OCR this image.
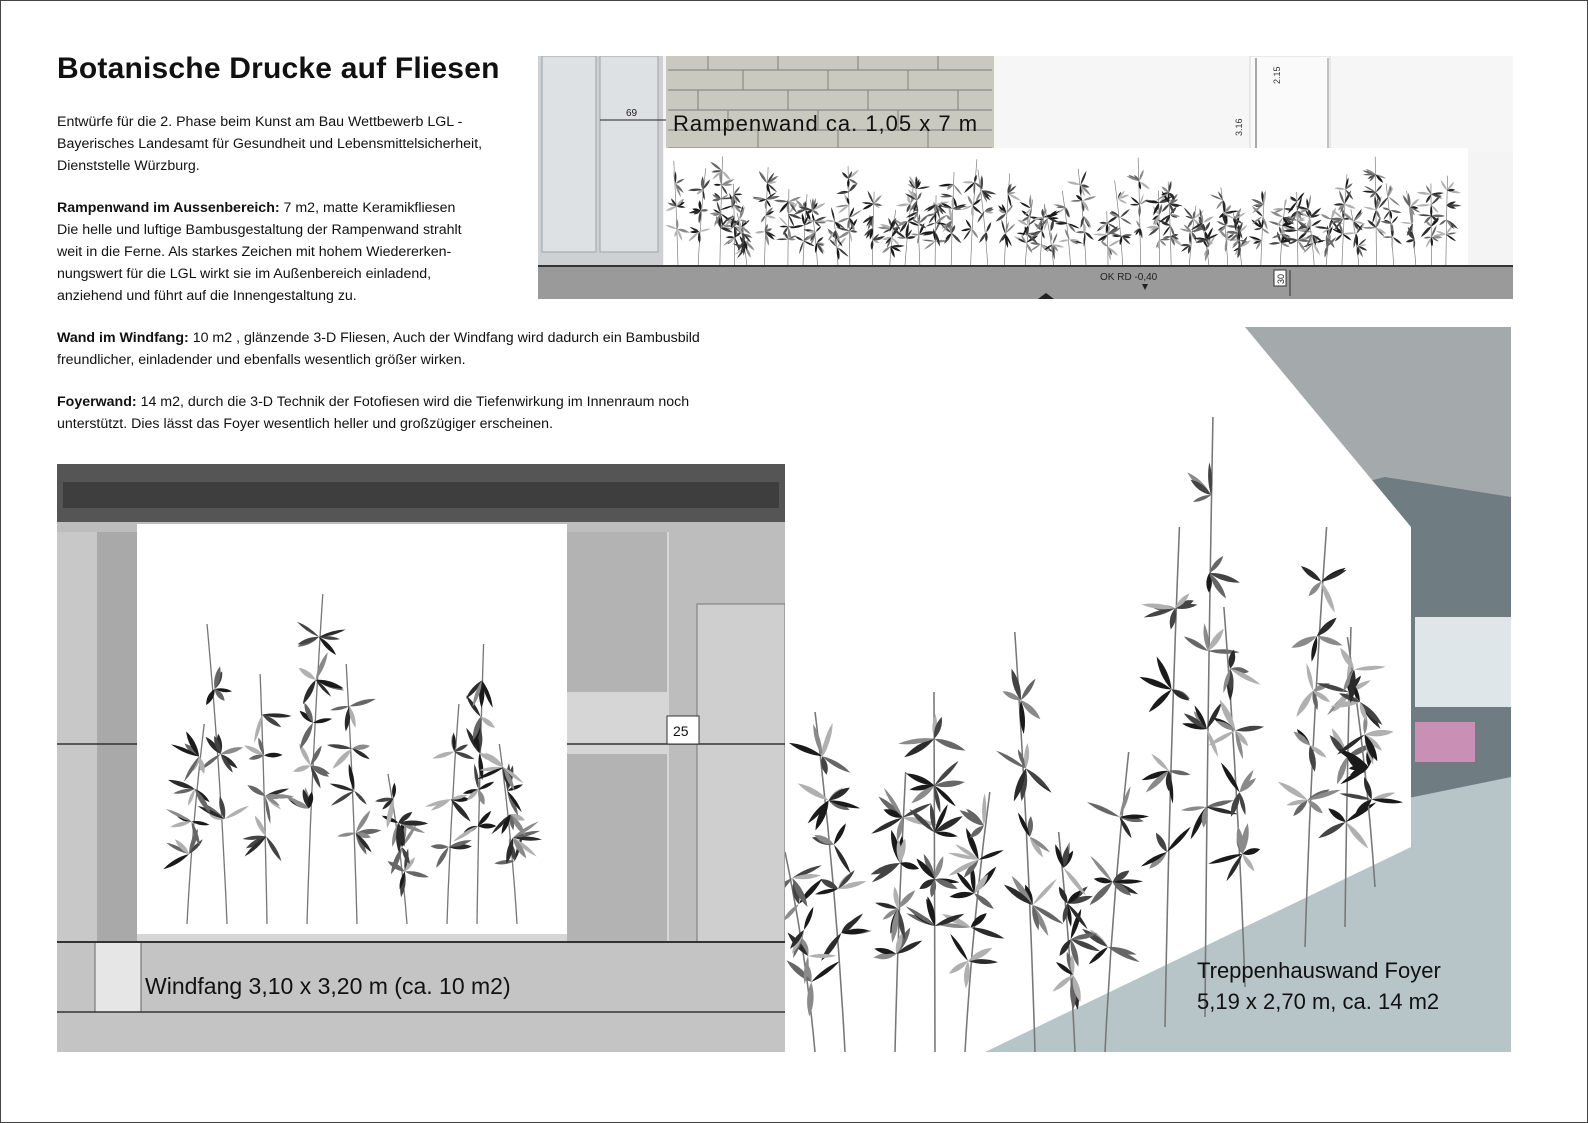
Botanische Drucke auf Fliesen

Entwürfe für die 2. Phase beim Kunst am Bau Wettbewerb LGL -
Bayerisches Landesamt für Gesundheit und Lebensmittelsicherheit,
Dienststelle Würzburg.

Rampenwand im Aussenbereich: 7 m2, matte Keramikfliesen
Die helle und luftige Bambusgestaltung der Rampenwand strahlt
weit in die Ferne. Als starkes Zeichen mit hohem Wiedererken-
nungswert für die LGL wirkt sie im Außenbereich einladend,
anziehend und führt auf die Innengestaltung zu.

Wand im Windfang: 10 m2 , glänzende 3-D Fliesen, Auch der Windfang wird dadurch ein Bambusbild
freundlicher, einladender und ebenfalls wesentlich größer wirken.

Foyerwand: 14 m2, durch die 3-D Technik der Fotofiesen wird die Tiefenwirkung im Innenraum noch
unterstützt. Dies lässt das Foyer wesentlich heller und großzügiger erscheinen.

2.15
3.16
69
OK RD -0,40	30
Rampenwand ca. 1,05 x 7 m
25
Windfang 3,10 x 3,20 m (ca. 10 m2)
Treppenhauswand Foyer
5,19 x 2,70 m, ca. 14 m2
